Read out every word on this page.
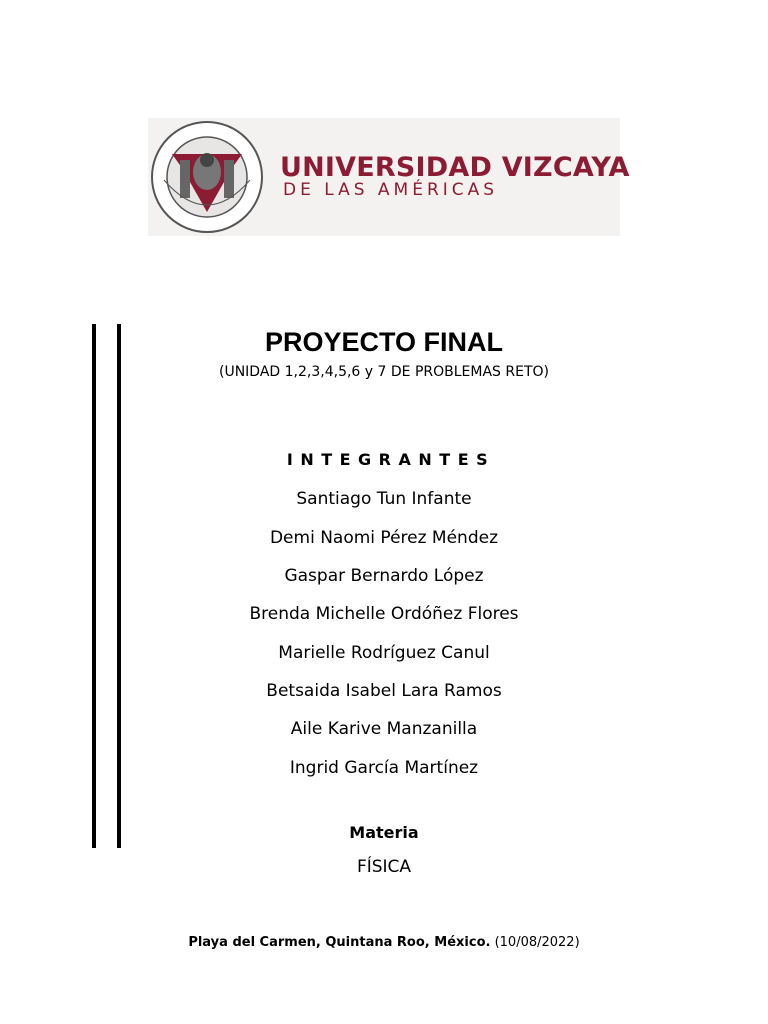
UNIVERSIDAD VIZCAYA
DE LAS AMÉRICAS
PROYECTO FINAL
(UNIDAD 1,2,3,4,5,6 y 7 DE PROBLEMAS RETO)
INTEGRANTES
Santiago Tun Infante
Demi Naomi Pérez Méndez
Gaspar Bernardo López
Brenda Michelle Ordóñez Flores
Marielle Rodríguez Canul
Betsaida Isabel Lara Ramos
Aile Karive Manzanilla
Ingrid García Martínez
Materia
FÍSICA
Playa del Carmen, Quintana Roo, México. (10/08/2022)
